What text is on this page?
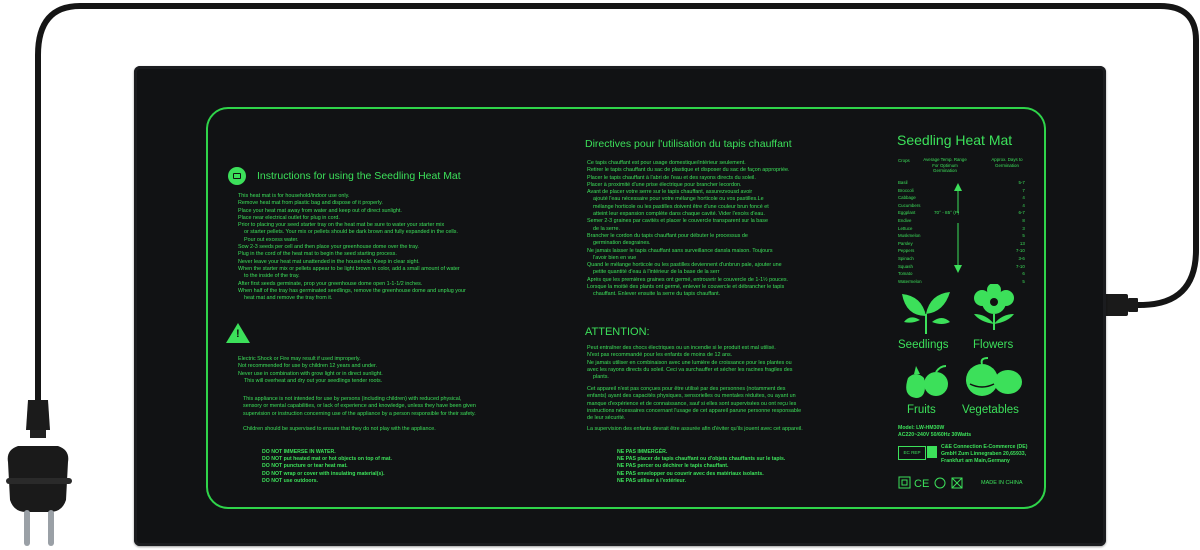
Instructions for using the Seedling Heat Mat
This heat mat is for household/indoor use only.
Remove heat mat from plastic bag and dispose of it properly.
Place your heat mat away from water and keep out of direct sunlight.
Place near electrical outlet for plug in cord.
Prior to placing your seed starter tray on the heat mat be sure to water your starter mix
or starter pellets. Your mix or pellets should be dark brown and fully expanded in the cells.
Pour out excess water.
Sow 2-3 seeds per cell and then place your greenhouse dome over the tray.
Plug in the cord of the heat mat to begin the seed starting process.
Never leave your heat mat unattended in the household. Keep in clear sight.
When the starter mix or pellets appear to be light brown in color, add a small amount of water
to the inside of the tray.
After first seeds germinate, prop your greenhouse dome open 1-1-1/2 inches.
When half of the tray has germinated seedlings, remove the greenhouse dome and unplug your
heat mat and remove the tray from it.
!
Electric Shock or Fire may result if used improperly.
Not recommended for use by children 12 years and under.
Never use in combination with grow light or in direct sunlight.
This will overheat and dry out your seedlings tender roots.
This appliance is not intended for use by persons (including children) with reduced physical,
sensory or mental capabilities, or lack of experience and knowledge, unless they have been given
supervision or instruction concerning use of the appliance by a person responsible for their safety.
Children should be supervised to ensure that they do not play with the appliance.
DO NOT IMMERSE IN WATER.
DO NOT put heated mat or hot objects on top of mat.
DO NOT puncture or tear heat mat.
DO NOT wrap or cover with insulating material(s).
DO NOT use outdoors.
Directives pour l'utilisation du tapis chauffant
Ce tapis chauffant est pour usage domestique/intérieur seulement.
Retirer le tapis chauffant du sac de plastique et disposer du sac de façon appropriée.
Placer le tapis chauffant à l'abri de l'eau et des rayons directs du soleil.
Placer à proximité d'une prise électrique pour brancher lecordon.
Avant de placer votre serre sur le tapis chauffant, assurezvousd avoir
ajouté l'eau nécessaire pour votre mélange horticole ou vos pastilles.Le
mélange horticole ou les pastilles doivent être d'une couleur brun foncé et
atteint leur expansion complète dans chaque cavité. Vider l'excès d'eau.
Semer 2-3 graines par cavités et placer le couvercle transparent sur la base
de la serre.
Brancher le cordon du tapis chauffant pour débuter le processus de
germination desgraines.
Ne jamais laisser le tapis chauffant sans surveillance dansla maison. Toujours
l'avoir bien en vue
Quand le mélange horticole ou les pastilles deviennent d'unbrun pale, ajouter une
petite quantité d'eau à l'intérieur de la base de la serr
Après que les premières graines ont germé, entrouvrir le couvercle de 1-1½ pouces.
Lorsque la moitié des plants ont germé, enlever le couvercle et débrancher le tapis
chauffant. Enlever ensuite la serre du tapis chauffant.
ATTENTION:
Peut entraîner des chocs électriques ou un incendie si le produit est mal utilisé.
N'est pas recommandé pour les enfants de moins de 12 ans.
Ne jamais utiliser en combinaison avec une lumière de croissance pour les plantes ou
avec les rayons directs du soleil. Ceci va surchauffer et sécher les racines fragiles des
plants.
Cet appareil n'est pas conçues pour être utilisé par des personnes (notamment des
enfants) ayant des capacités physiques, sensorielles ou mentales réduites, ou ayant un
manque d'expérience et de connaissance, sauf si elles sont supervisées ou ont reçu les
instructions nécessaires concernant l'usage de cet appareil parune personne responsable
de leur sécurité.
La supervision des enfants devrait être assurée afin d'éviter qu'ils jouent avec cet appareil.
NE PAS IMMERGÉR.
NE PAS placer de tapis chauffant ou d'objets chauffants sur le tapis.
NE PAS percer ou déchirer le tapis chauffant.
NE PAS envelopper ou couvrir avec des matériaux isolants.
NE PAS utiliser à l'extérieur.
Seedling Heat Mat
Crops	Average Temp. Range For Optimum Germination
Approx. Days to Germination
Basil
Broccoli
Cabbage
Cucumbers
Eggplant
Endive
Lettuce
Muskmelon
Parsley
Peppers
Spinach
Squash
Tomato
Watermelon
5-7
7
4
4
6-7
8
3
5
13
7-10
3-6
7-10
6
5
70° - 85° (F)
Seedlings Flowers
Fruits Vegetables
Model: LW-HM30W
AC220~240V 50/60Hz 30Watts
EC REP
C&E Connection E-Commerce (DE)
GmbH Zum Linnegraben 20,65933,
Frankfurt am Main,Germany
CE	MADE IN CHINA
